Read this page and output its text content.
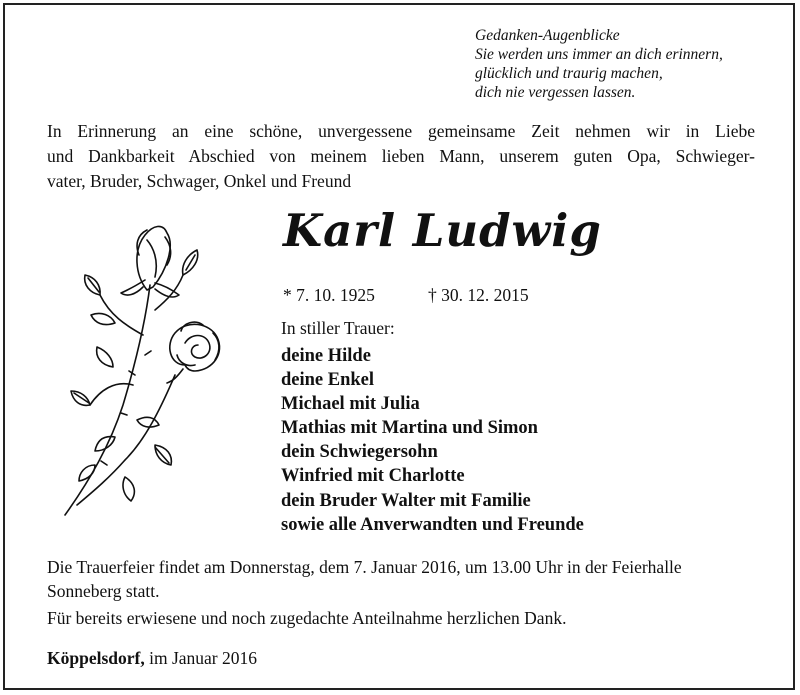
Gedanken-Augenblicke
Sie werden uns immer an dich erinnern,
glücklich und traurig machen,
dich nie vergessen lassen.
In Erinnerung an eine schöne, unvergessene gemeinsame Zeit nehmen wir in Liebe
und Dankbarkeit Abschied von meinem lieben Mann, unserem guten Opa, Schwieger-
vater, Bruder, Schwager, Onkel und Freund
Karl Ludwig
* 7. 10. 1925	† 30. 12. 2015
In stiller Trauer:
deine Hilde
deine Enkel
Michael mit Julia
Mathias mit Martina und Simon
dein Schwiegersohn
Winfried mit Charlotte
dein Bruder Walter mit Familie
sowie alle Anverwandten und Freunde
Die Trauerfeier findet am Donnerstag, dem 7. Januar 2016, um 13.00 Uhr in der Feierhalle Sonneberg statt.
Für bereits erwiesene und noch zugedachte Anteilnahme herzlichen Dank.
Köppelsdorf, im Januar 2016
